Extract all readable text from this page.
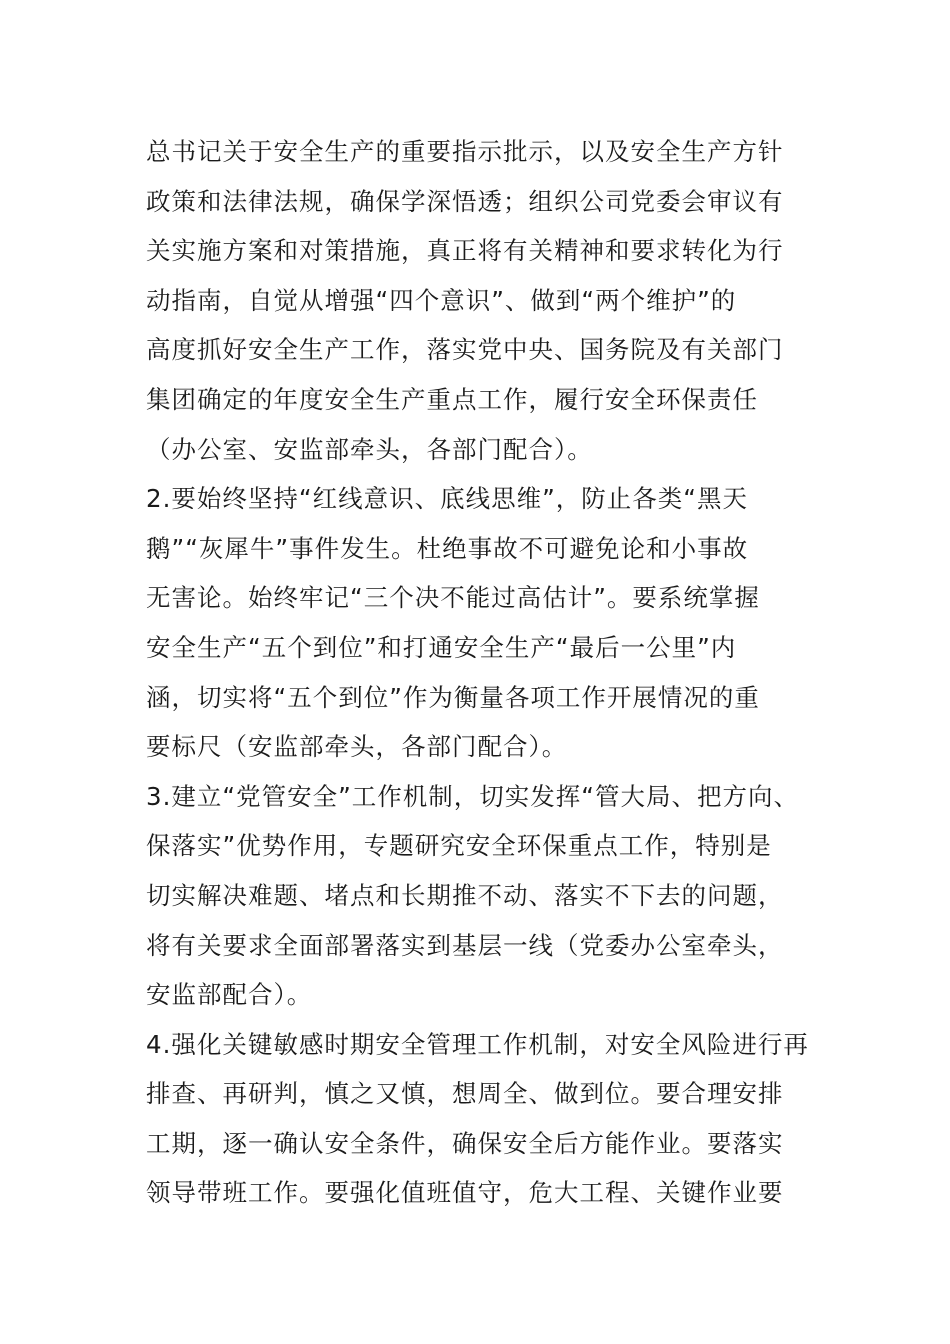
总书记关于安全生产的重要指示批示，以及安全生产方针
政策和法律法规，确保学深悟透；组织公司党委会审议有
关实施方案和对策措施，真正将有关精神和要求转化为行
动指南，自觉从增强“四个意识”、做到“两个维护”的
高度抓好安全生产工作，落实党中央、国务院及有关部门
集团确定的年度安全生产重点工作，履行安全环保责任
（办公室、安监部牵头，各部门配合）。
2.要始终坚持“红线意识、底线思维”，防止各类“黑天
鹅”“灰犀牛”事件发生。杜绝事故不可避免论和小事故
无害论。始终牢记“三个决不能过高估计”。要系统掌握
安全生产“五个到位”和打通安全生产“最后一公里”内
涵，切实将“五个到位”作为衡量各项工作开展情况的重
要标尺（安监部牵头，各部门配合）。
3.建立“党管安全”工作机制，切实发挥“管大局、把方向、
保落实”优势作用，专题研究安全环保重点工作，特别是
切实解决难题、堵点和长期推不动、落实不下去的问题，
将有关要求全面部署落实到基层一线（党委办公室牵头，
安监部配合）。
4.强化关键敏感时期安全管理工作机制，对安全风险进行再
排查、再研判，慎之又慎，想周全、做到位。要合理安排
工期，逐一确认安全条件，确保安全后方能作业。要落实
领导带班工作。要强化值班值守，危大工程、关键作业要
